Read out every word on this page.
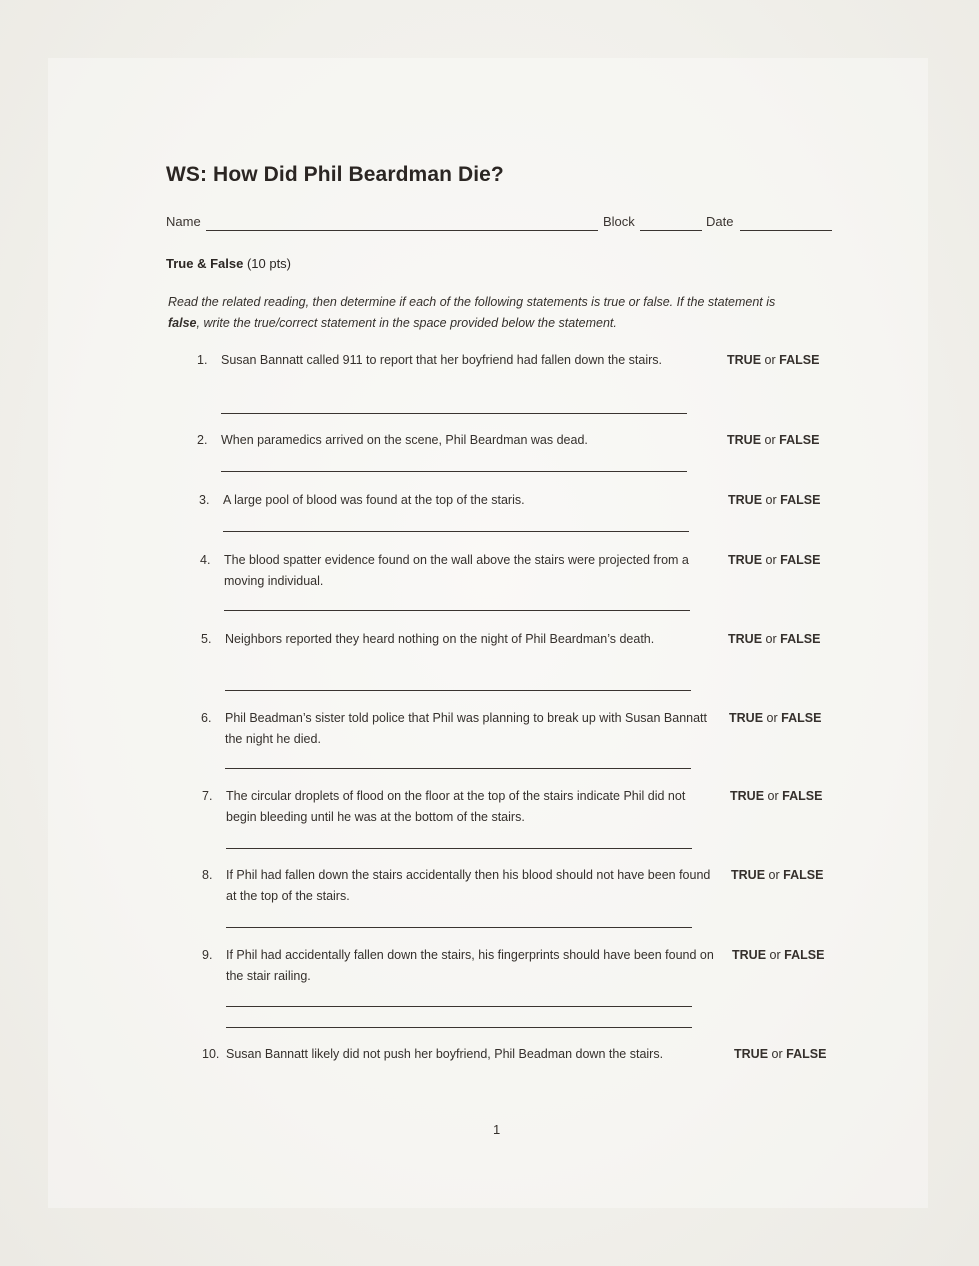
WS: How Did Phil Beardman Die?
Name	Block	Date
True & False (10 pts)
Read the related reading, then determine if each of the following statements is true or false. If the statement is false, write the true/correct statement in the space provided below the statement.
1.	Susan Bannatt called 911 to report that her boyfriend had fallen down the stairs.	TRUE or FALSE
2.	When paramedics arrived on the scene, Phil Beardman was dead.	TRUE or FALSE
3.	A large pool of blood was found at the top of the staris.	TRUE or FALSE
4.	The blood spatter evidence found on the wall above the stairs were projected from a moving individual.
TRUE or FALSE
5.	Neighbors reported they heard nothing on the night of Phil Beardman’s death.	TRUE or FALSE
6.	Phil Beadman’s sister told police that Phil was planning to break up with Susan Bannatt the night he died.
TRUE or FALSE
7.	The circular droplets of flood on the floor at the top of the stairs indicate Phil did not begin bleeding until he was at the bottom of the stairs.
TRUE or FALSE
8.	If Phil had fallen down the stairs accidentally then his blood should not have been found at the top of the stairs.
TRUE or FALSE
9.	If Phil had accidentally fallen down the stairs, his fingerprints should have been found on the stair railing.
TRUE or FALSE
10. Susan Bannatt likely did not push her boyfriend, Phil Beadman down the stairs.	TRUE or FALSE
1
